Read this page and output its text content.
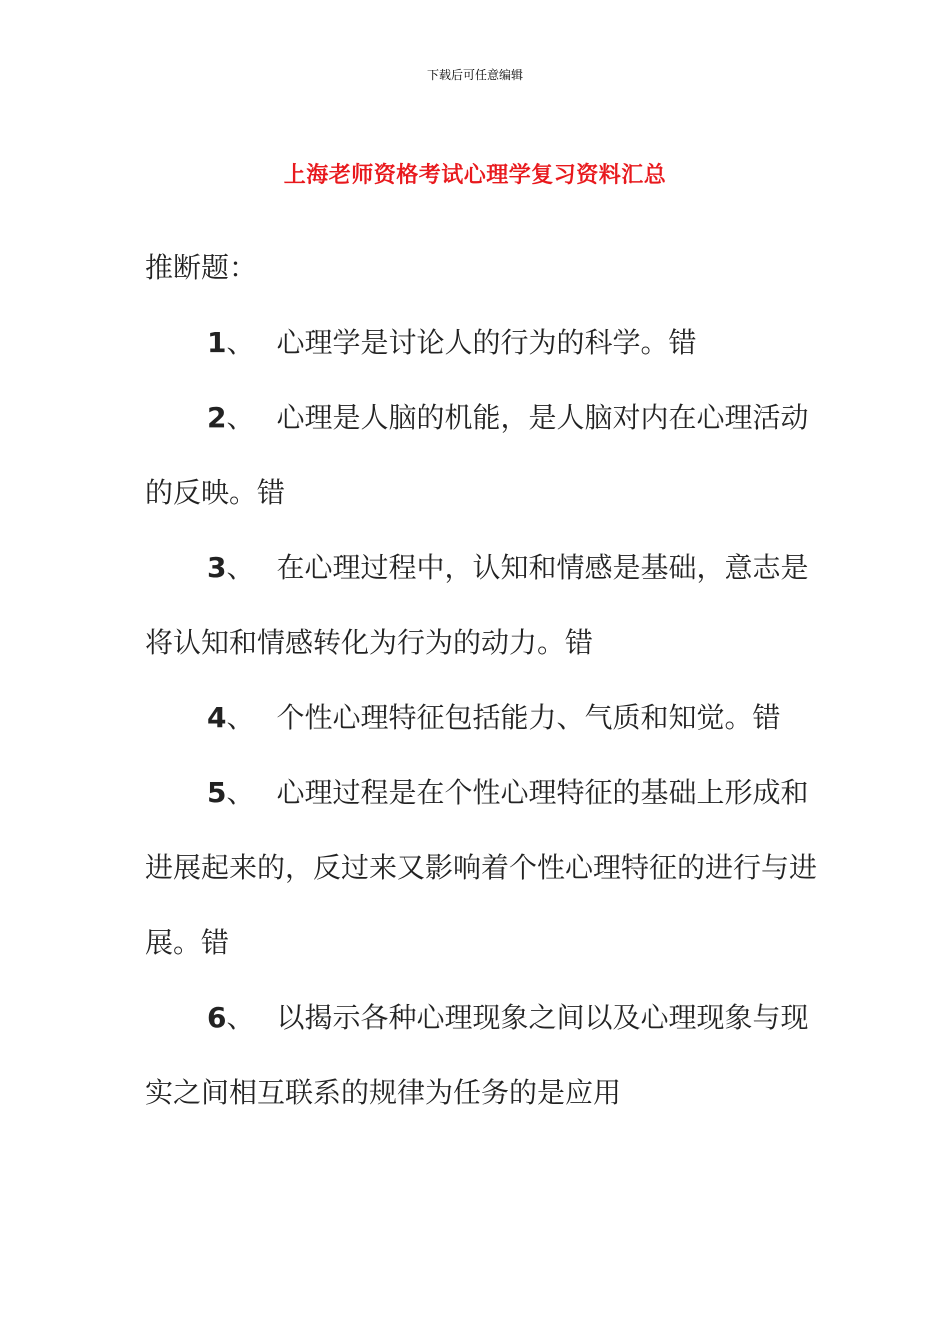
下载后可任意编辑
上海老师资格考试心理学复习资料汇总
推断题：
1、 心理学是讨论人的行为的科学。错
2、 心理是人脑的机能，是人脑对内在心理活动的反映。错
3、 在心理过程中，认知和情感是基础，意志是将认知和情感转化为行为的动力。错
4、 个性心理特征包括能力、气质和知觉。错
5、 心理过程是在个性心理特征的基础上形成和进展起来的，反过来又影响着个性心理特征的进行与进展。错
6、 以揭示各种心理现象之间以及心理现象与现实之间相互联系的规律为任务的是应用
